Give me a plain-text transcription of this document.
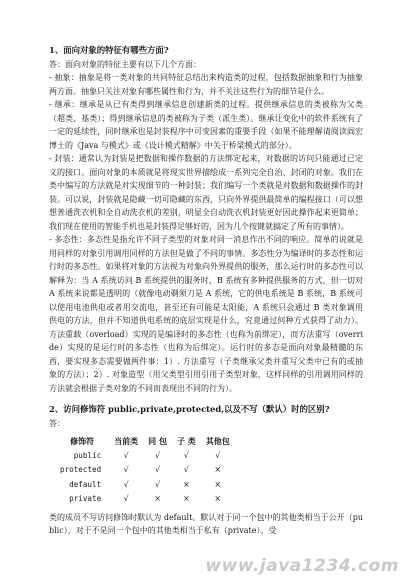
1、面向对象的特征有哪些方面?

答：面向对象的特征主要有以下几个方面：

- 抽象：抽象是将一类对象的共同特征总结出来构造类的过程，包括数据抽象和行为抽象两方面。抽象只关注对象有哪些属性和行为，并不关注这些行为的细节是什么。

- 继承：继承是从已有类得到继承信息创建新类的过程。提供继承信息的类被称为父类（超类、基类）；得到继承信息的类被称为子类（派生类）。继承让变化中的软件系统有了一定的延续性，同时继承也是封装程序中可变因素的重要手段（如果不能理解请阅读阎宏博士的《Java 与模式》或《设计模式精解》中关于桥梁模式的部分）。

- 封装：通常认为封装是把数据和操作数据的方法绑定起来，对数据的访问只能通过已定义的接口。面向对象的本质就是将现实世界描绘成一系列完全自治、封闭的对象。我们在类中编写的方法就是对实现细节的一种封装；我们编写一个类就是对数据和数据操作的封装。可以说，封装就是隐藏一切可隐藏的东西，只向外界提供最简单的编程接口（可以想想普通洗衣机和全自动洗衣机的差别，明显全自动洗衣机封装更好因此操作起来更简单；我们现在使用的智能手机也是封装得足够好的，因为几个按键就搞定了所有的事情）。

- 多态性：多态性是指允许不同子类型的对象对同一消息作出不同的响应。简单的说就是用同样的对象引用调用同样的方法但是做了不同的事情。多态性分为编译时的多态性和运行时的多态性。如果将对象的方法视为对象向外界提供的服务，那么运行时的多态性可以解释为：当 A 系统访问 B 系统提供的服务时，B 系统有多种提供服务的方式，但一切对 A 系统来说都是透明的（就像电动剃须刀是 A 系统，它的供电系统是 B 系统，B 系统可以使用电池供电或者用交流电，甚至还有可能是太阳能，A 系统只会通过 B 类对象调用供电的方法，但并不知道供电系统的底层实现是什么，究竟通过何种方式获得了动力）。方法重载（overload）实现的是编译时的多态性（也称为前绑定），而方法重写（override）实现的是运行时的多态性（也称为后绑定）。运行时的多态是面向对象最精髓的东西，要实现多态需要做两件事：1）. 方法重写（子类继承父类并重写父类中已有的或抽象的方法）；2）. 对象造型（用父类型引用引用子类型对象，这样同样的引用调用同样的方法就会根据子类对象的不同而表现出不同的行为）。

2、访问修饰符 public,private,protected,以及不写（默认）时的区别?

答：

修饰符	当前类	同 包	子 类	其他包
public	√	√	√	√
protected	√	√	√	×
default	√	√	×	×
private	√	×	×	×

类的成员不写访问修饰时默认为 default。默认对于同一个包中的其他类相当于公开（public），对于不是同一个包中的其他类相当于私有（private）。受

www.java1234.com
